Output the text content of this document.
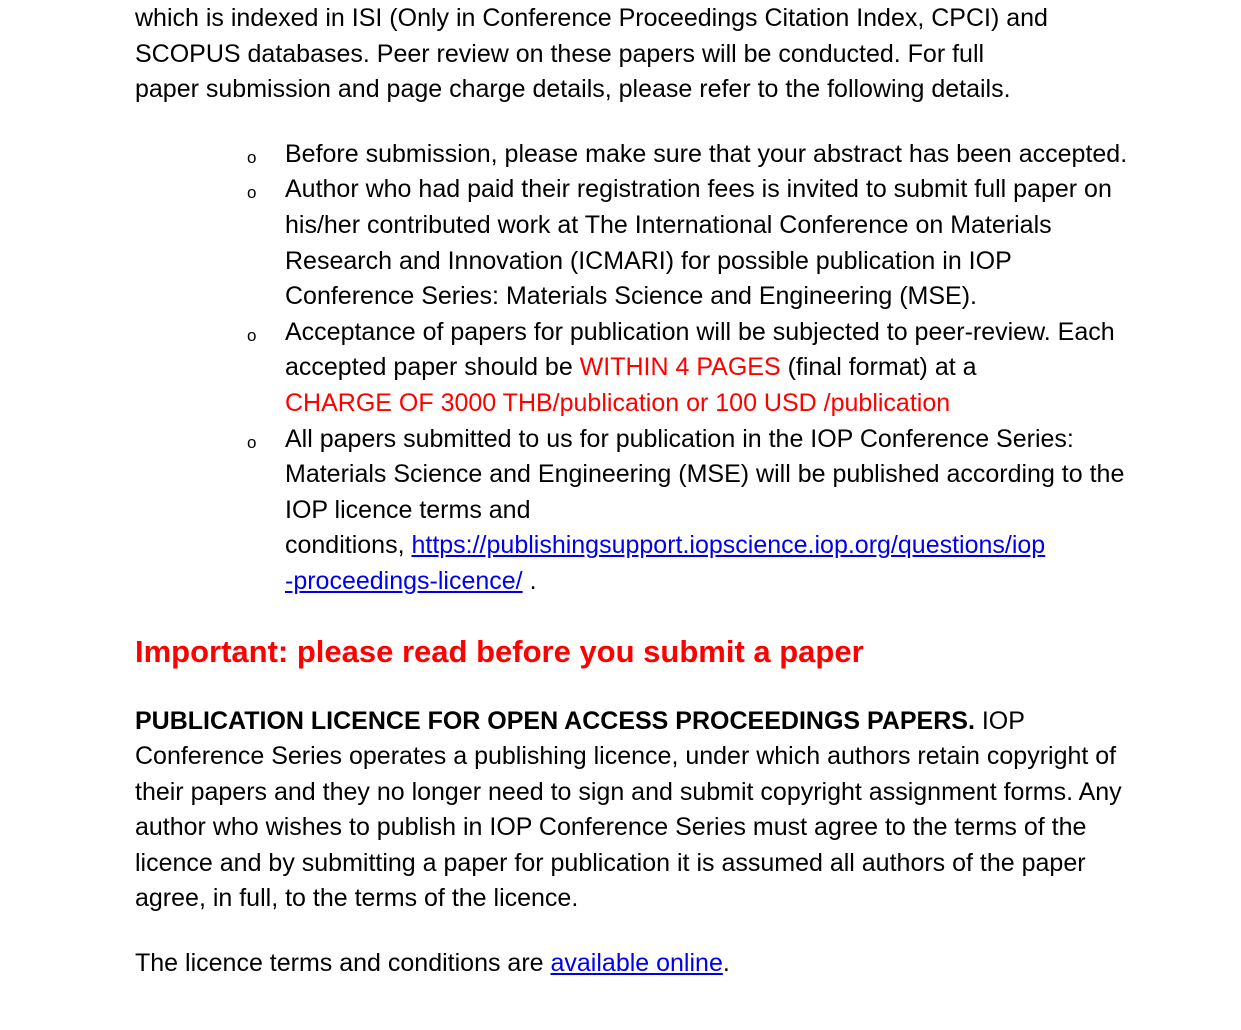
which is indexed in ISI (Only in Conference Proceedings Citation Index, CPCI) and
SCOPUS databases. Peer review on these papers will be conducted. For full
paper submission and page charge details, please refer to the following details.

o Before submission, please make sure that your abstract has been accepted.
o Author who had paid their registration fees is invited to submit full paper on his/her contributed work at The International Conference on Materials Research and Innovation (ICMARI) for possible publication in IOP Conference Series: Materials Science and Engineering (MSE).
o Acceptance of papers for publication will be subjected to peer-review. Each accepted paper should be WITHIN 4 PAGES (final format) at a
CHARGE OF 3000 THB/publication or 100 USD /publication
o All papers submitted to us for publication in the IOP Conference Series: Materials Science and Engineering (MSE) will be published according to the IOP licence terms and
conditions, https://publishingsupport.iopscience.iop.org/questions/iop
-proceedings-licence/ .
Important: please read before you submit a paper

PUBLICATION LICENCE FOR OPEN ACCESS PROCEEDINGS PAPERS. IOP Conference Series operates a publishing licence, under which authors retain copyright of their papers and they no longer need to sign and submit copyright assignment forms. Any author who wishes to publish in IOP Conference Series must agree to the terms of the licence and by submitting a paper for publication it is assumed all authors of the paper agree, in full, to the terms of the licence.

The licence terms and conditions are available online.
